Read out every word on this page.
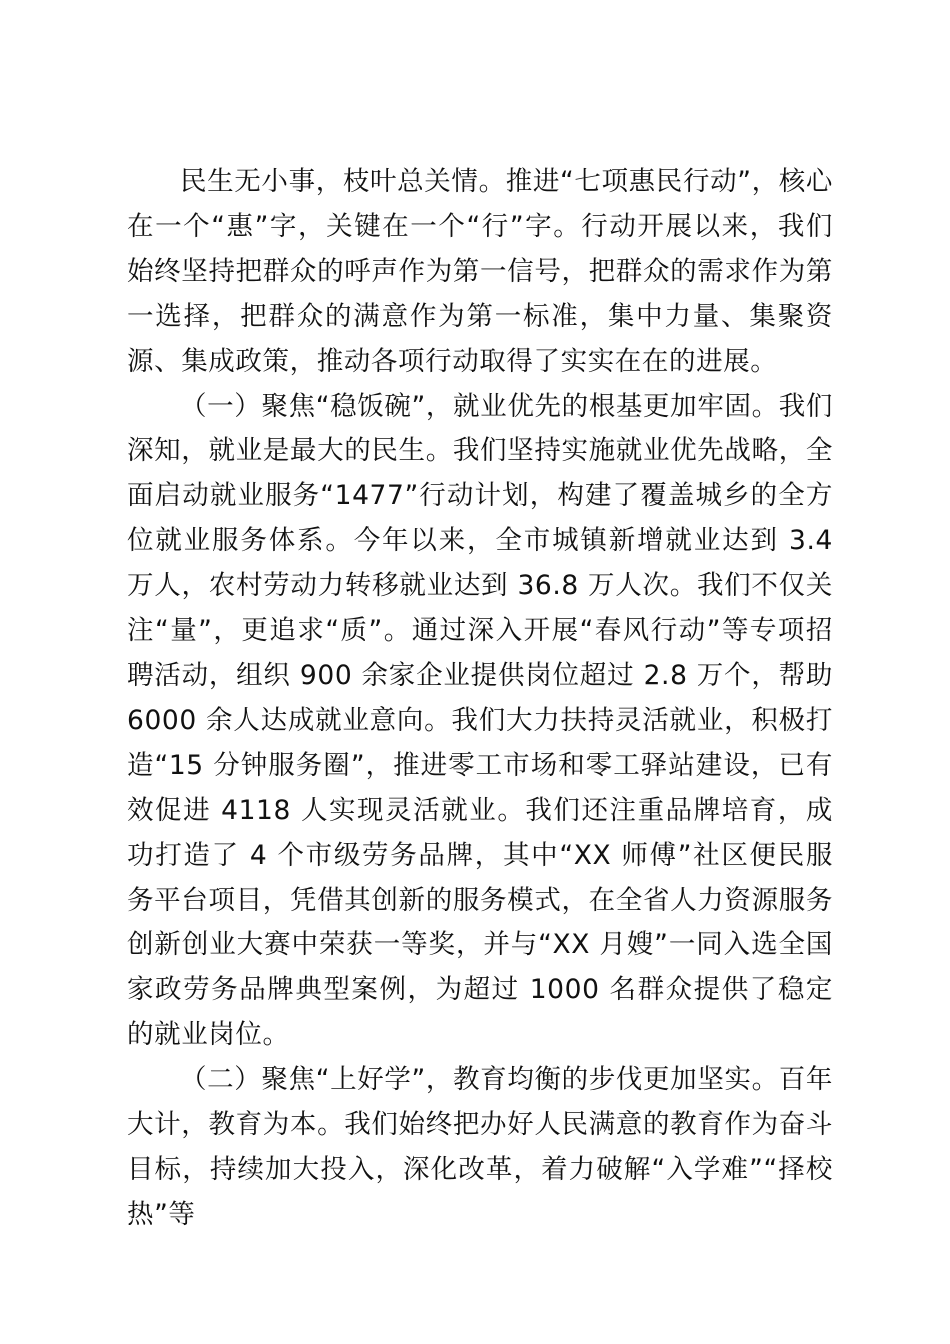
民生无小事，枝叶总关情。推进“七项惠民行动”，核心在一个“惠”字，关键在一个“行”字。行动开展以来，我们始终坚持把群众的呼声作为第一信号，把群众的需求作为第一选择，把群众的满意作为第一标准，集中力量、集聚资源、集成政策，推动各项行动取得了实实在在的进展。

（一）聚焦“稳饭碗”，就业优先的根基更加牢固。我们深知，就业是最大的民生。我们坚持实施就业优先战略，全面启动就业服务“1477”行动计划，构建了覆盖城乡的全方位就业服务体系。今年以来，全市城镇新增就业达到 3.4 万人，农村劳动力转移就业达到 36.8 万人次。我们不仅关注“量”，更追求“质”。通过深入开展“春风行动”等专项招聘活动，组织 900 余家企业提供岗位超过 2.8 万个，帮助 6000 余人达成就业意向。我们大力扶持灵活就业，积极打造“15 分钟服务圈”，推进零工市场和零工驿站建设，已有效促进 4118 人实现灵活就业。我们还注重品牌培育，成功打造了 4 个市级劳务品牌，其中“XX 师傅”社区便民服务平台项目，凭借其创新的服务模式，在全省人力资源服务创新创业大赛中荣获一等奖，并与“XX 月嫂”一同入选全国家政劳务品牌典型案例，为超过 1000 名群众提供了稳定的就业岗位。

（二）聚焦“上好学”，教育均衡的步伐更加坚实。百年大计，教育为本。我们始终把办好人民满意的教育作为奋斗目标，持续加大投入，深化改革，着力破解“入学难”“择校热”等
